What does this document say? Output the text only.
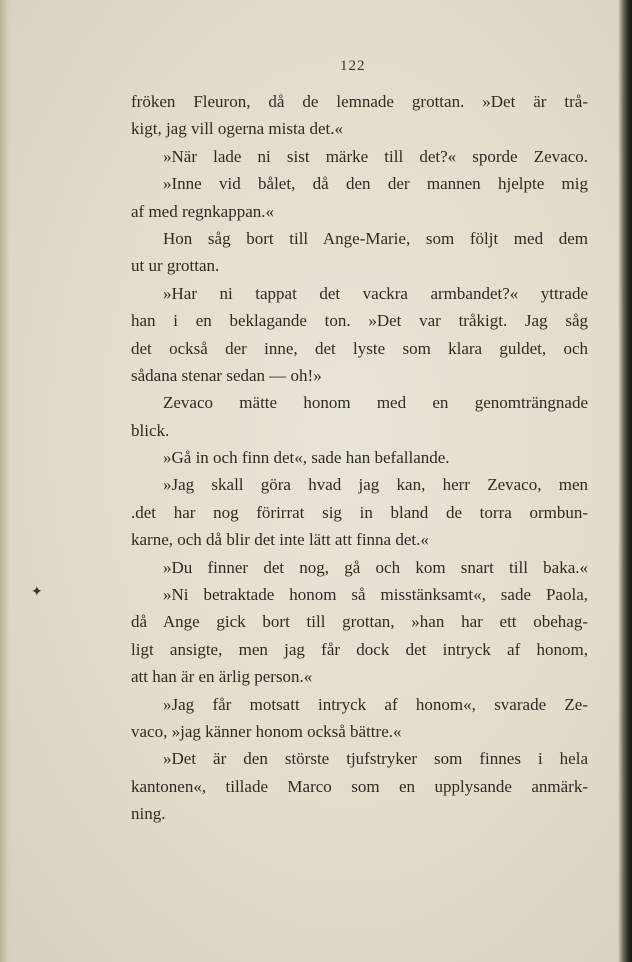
122
✦
fröken Fleuron, då de lemnade grottan. »Det är trå-
kigt, jag vill ogerna mista det.«
»När lade ni sist märke till det?« sporde Zevaco.
»Inne vid bålet, då den der mannen hjelpte mig
af med regnkappan.«
Hon såg bort till Ange-Marie, som följt med dem
ut ur grottan.
»Har ni tappat det vackra armbandet?« yttrade
han i en beklagande ton. »Det var tråkigt. Jag såg
det också der inne, det lyste som klara guldet, och
sådana stenar sedan — oh!»
Zevaco mätte honom med en genomträngnade
blick.
»Gå in och finn det«, sade han befallande.
»Jag skall göra hvad jag kan, herr Zevaco, men
.det har nog förirrat sig in bland de torra ormbun-
karne, och då blir det inte lätt att finna det.«
»Du finner det nog, gå och kom snart till baka.«
»Ni betraktade honom så misstänksamt«, sade Paola,
då Ange gick bort till grottan, »han har ett obehag-
ligt ansigte, men jag får dock det intryck af honom,
att han är en ärlig person.«
»Jag får motsatt intryck af honom«, svarade Ze-
vaco, »jag känner honom också bättre.«
»Det är den störste tjufstryker som finnes i hela
kantonen«, tillade Marco som en upplysande anmärk-
ning.
